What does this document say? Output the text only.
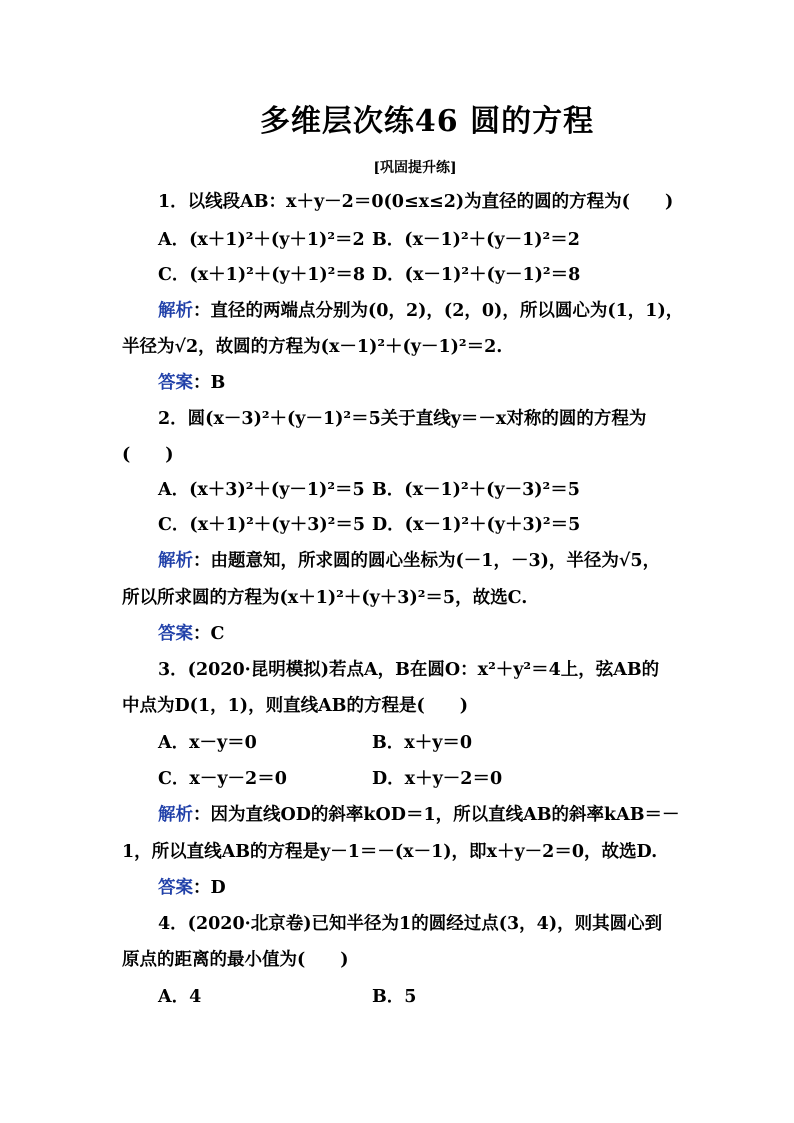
多维层次练46 圆的方程
[巩固提升练]
1．以线段AB：x＋y－2＝0(0≤x≤2)为直径的圆的方程为(　　)
A．(x＋1)²＋(y＋1)²＝2 B．(x－1)²＋(y－1)²＝2
C．(x＋1)²＋(y＋1)²＝8 D．(x－1)²＋(y－1)²＝8
解析：直径的两端点分别为(0，2)，(2，0)，所以圆心为(1，1)，
半径为√2，故圆的方程为(x－1)²＋(y－1)²＝2.
答案：B
2．圆(x－3)²＋(y－1)²＝5关于直线y＝－x对称的圆的方程为
(　　)
A．(x＋3)²＋(y－1)²＝5 B．(x－1)²＋(y－3)²＝5
C．(x＋1)²＋(y＋3)²＝5 D．(x－1)²＋(y＋3)²＝5
解析：由题意知，所求圆的圆心坐标为(－1，－3)，半径为√5，
所以所求圆的方程为(x＋1)²＋(y＋3)²＝5，故选C.
答案：C
3．(2020·昆明模拟)若点A，B在圆O：x²＋y²＝4上，弦AB的
中点为D(1，1)，则直线AB的方程是(　　)
A．x－y＝0	B．x＋y＝0
C．x－y－2＝0	D．x＋y－2＝0
解析：因为直线OD的斜率kOD＝1，所以直线AB的斜率kAB＝－
1，所以直线AB的方程是y－1＝－(x－1)，即x＋y－2＝0，故选D.
答案：D
4．(2020·北京卷)已知半径为1的圆经过点(3，4)，则其圆心到
原点的距离的最小值为(　　)
A．4	B．5
